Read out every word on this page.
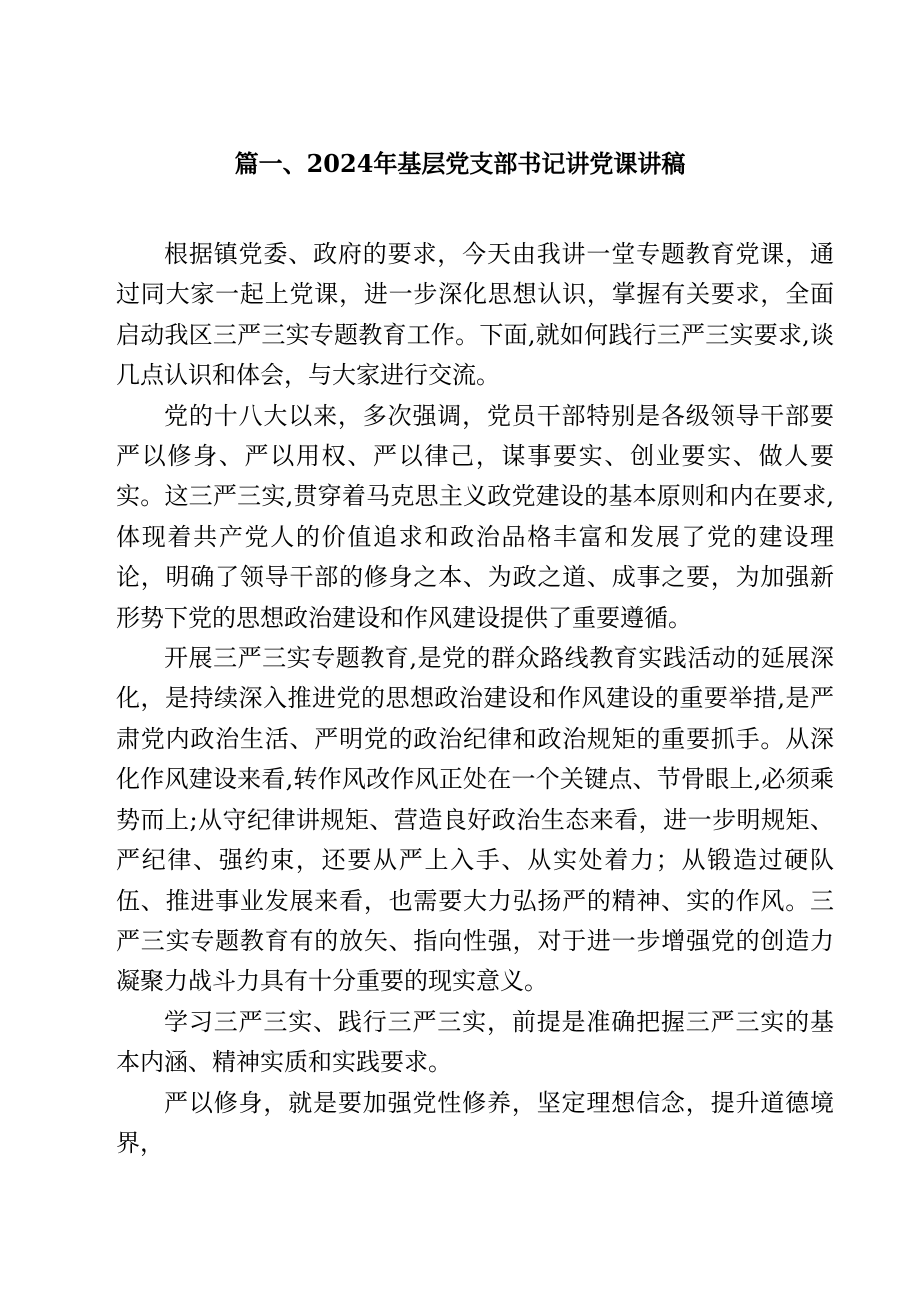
篇一、2024年基层党支部书记讲党课讲稿

根据镇党委、政府的要求，今天由我讲一堂专题教育党课，通过同大家一起上党课，进一步深化思想认识，掌握有关要求，全面启动我区三严三实专题教育工作。下面,就如何践行三严三实要求,谈几点认识和体会，与大家进行交流。

党的十八大以来，多次强调，党员干部特别是各级领导干部要严以修身、严以用权、严以律己，谋事要实、创业要实、做人要实。这三严三实,贯穿着马克思主义政党建设的基本原则和内在要求,体现着共产党人的价值追求和政治品格丰富和发展了党的建设理论，明确了领导干部的修身之本、为政之道、成事之要，为加强新形势下党的思想政治建设和作风建设提供了重要遵循。

开展三严三实专题教育,是党的群众路线教育实践活动的延展深化，是持续深入推进党的思想政治建设和作风建设的重要举措,是严肃党内政治生活、严明党的政治纪律和政治规矩的重要抓手。从深化作风建设来看,转作风改作风正处在一个关键点、节骨眼上,必须乘势而上;从守纪律讲规矩、营造良好政治生态来看，进一步明规矩、严纪律、强约束，还要从严上入手、从实处着力；从锻造过硬队伍、推进事业发展来看，也需要大力弘扬严的精神、实的作风。三严三实专题教育有的放矢、指向性强，对于进一步增强党的创造力凝聚力战斗力具有十分重要的现实意义。

学习三严三实、践行三严三实，前提是准确把握三严三实的基本内涵、精神实质和实践要求。

严以修身，就是要加强党性修养，坚定理想信念，提升道德境界，
